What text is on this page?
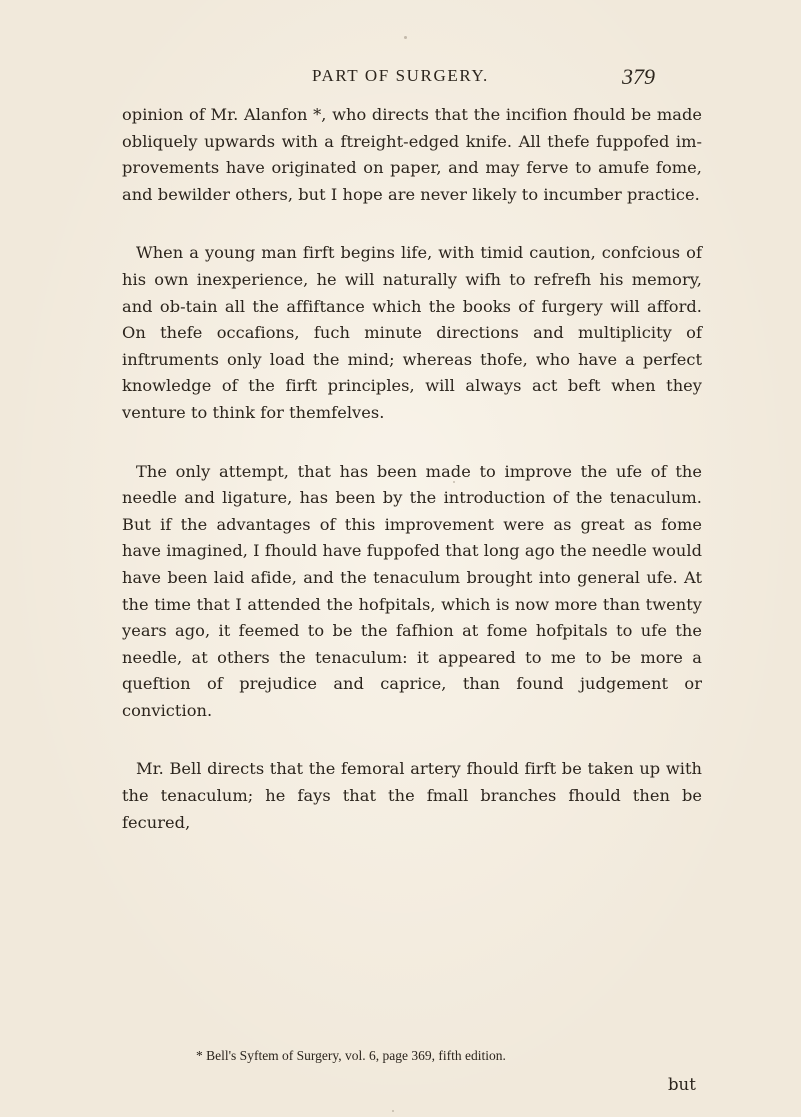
PART OF SURGERY.	379

opinion of Mr. Alanfon *, who directs that the incifion fhould be made obliquely upwards with a ftreight-edged knife. All thefe fuppofed im-provements have originated on paper, and may ferve to amufe fome, and bewilder others, but I hope are never likely to incumber practice.

When a young man firft begins life, with timid caution, confcious of his own inexperience, he will naturally wifh to refrefh his memory, and ob-tain all the affiftance which the books of furgery will afford. On thefe occafions, fuch minute directions and multiplicity of inftruments only load the mind; whereas thofe, who have a perfect knowledge of the firft principles, will always act beft when they venture to think for themfelves.

The only attempt, that has been made to improve the ufe of the needle and ligature, has been by the introduction of the tenaculum. But if the advantages of this improvement were as great as fome have imagined, I fhould have fuppofed that long ago the needle would have been laid afide, and the tenaculum brought into general ufe. At the time that I attended the hofpitals, which is now more than twenty years ago, it feemed to be the fafhion at fome hofpitals to ufe the needle, at others the tenaculum: it appeared to me to be more a queftion of prejudice and caprice, than found judgement or conviction.

Mr. Bell directs that the femoral artery fhould firft be taken up with the tenaculum; he fays that the fmall branches fhould then be fecured,

* Bell's Syftem of Surgery, vol. 6, page 369, fifth edition.
but
